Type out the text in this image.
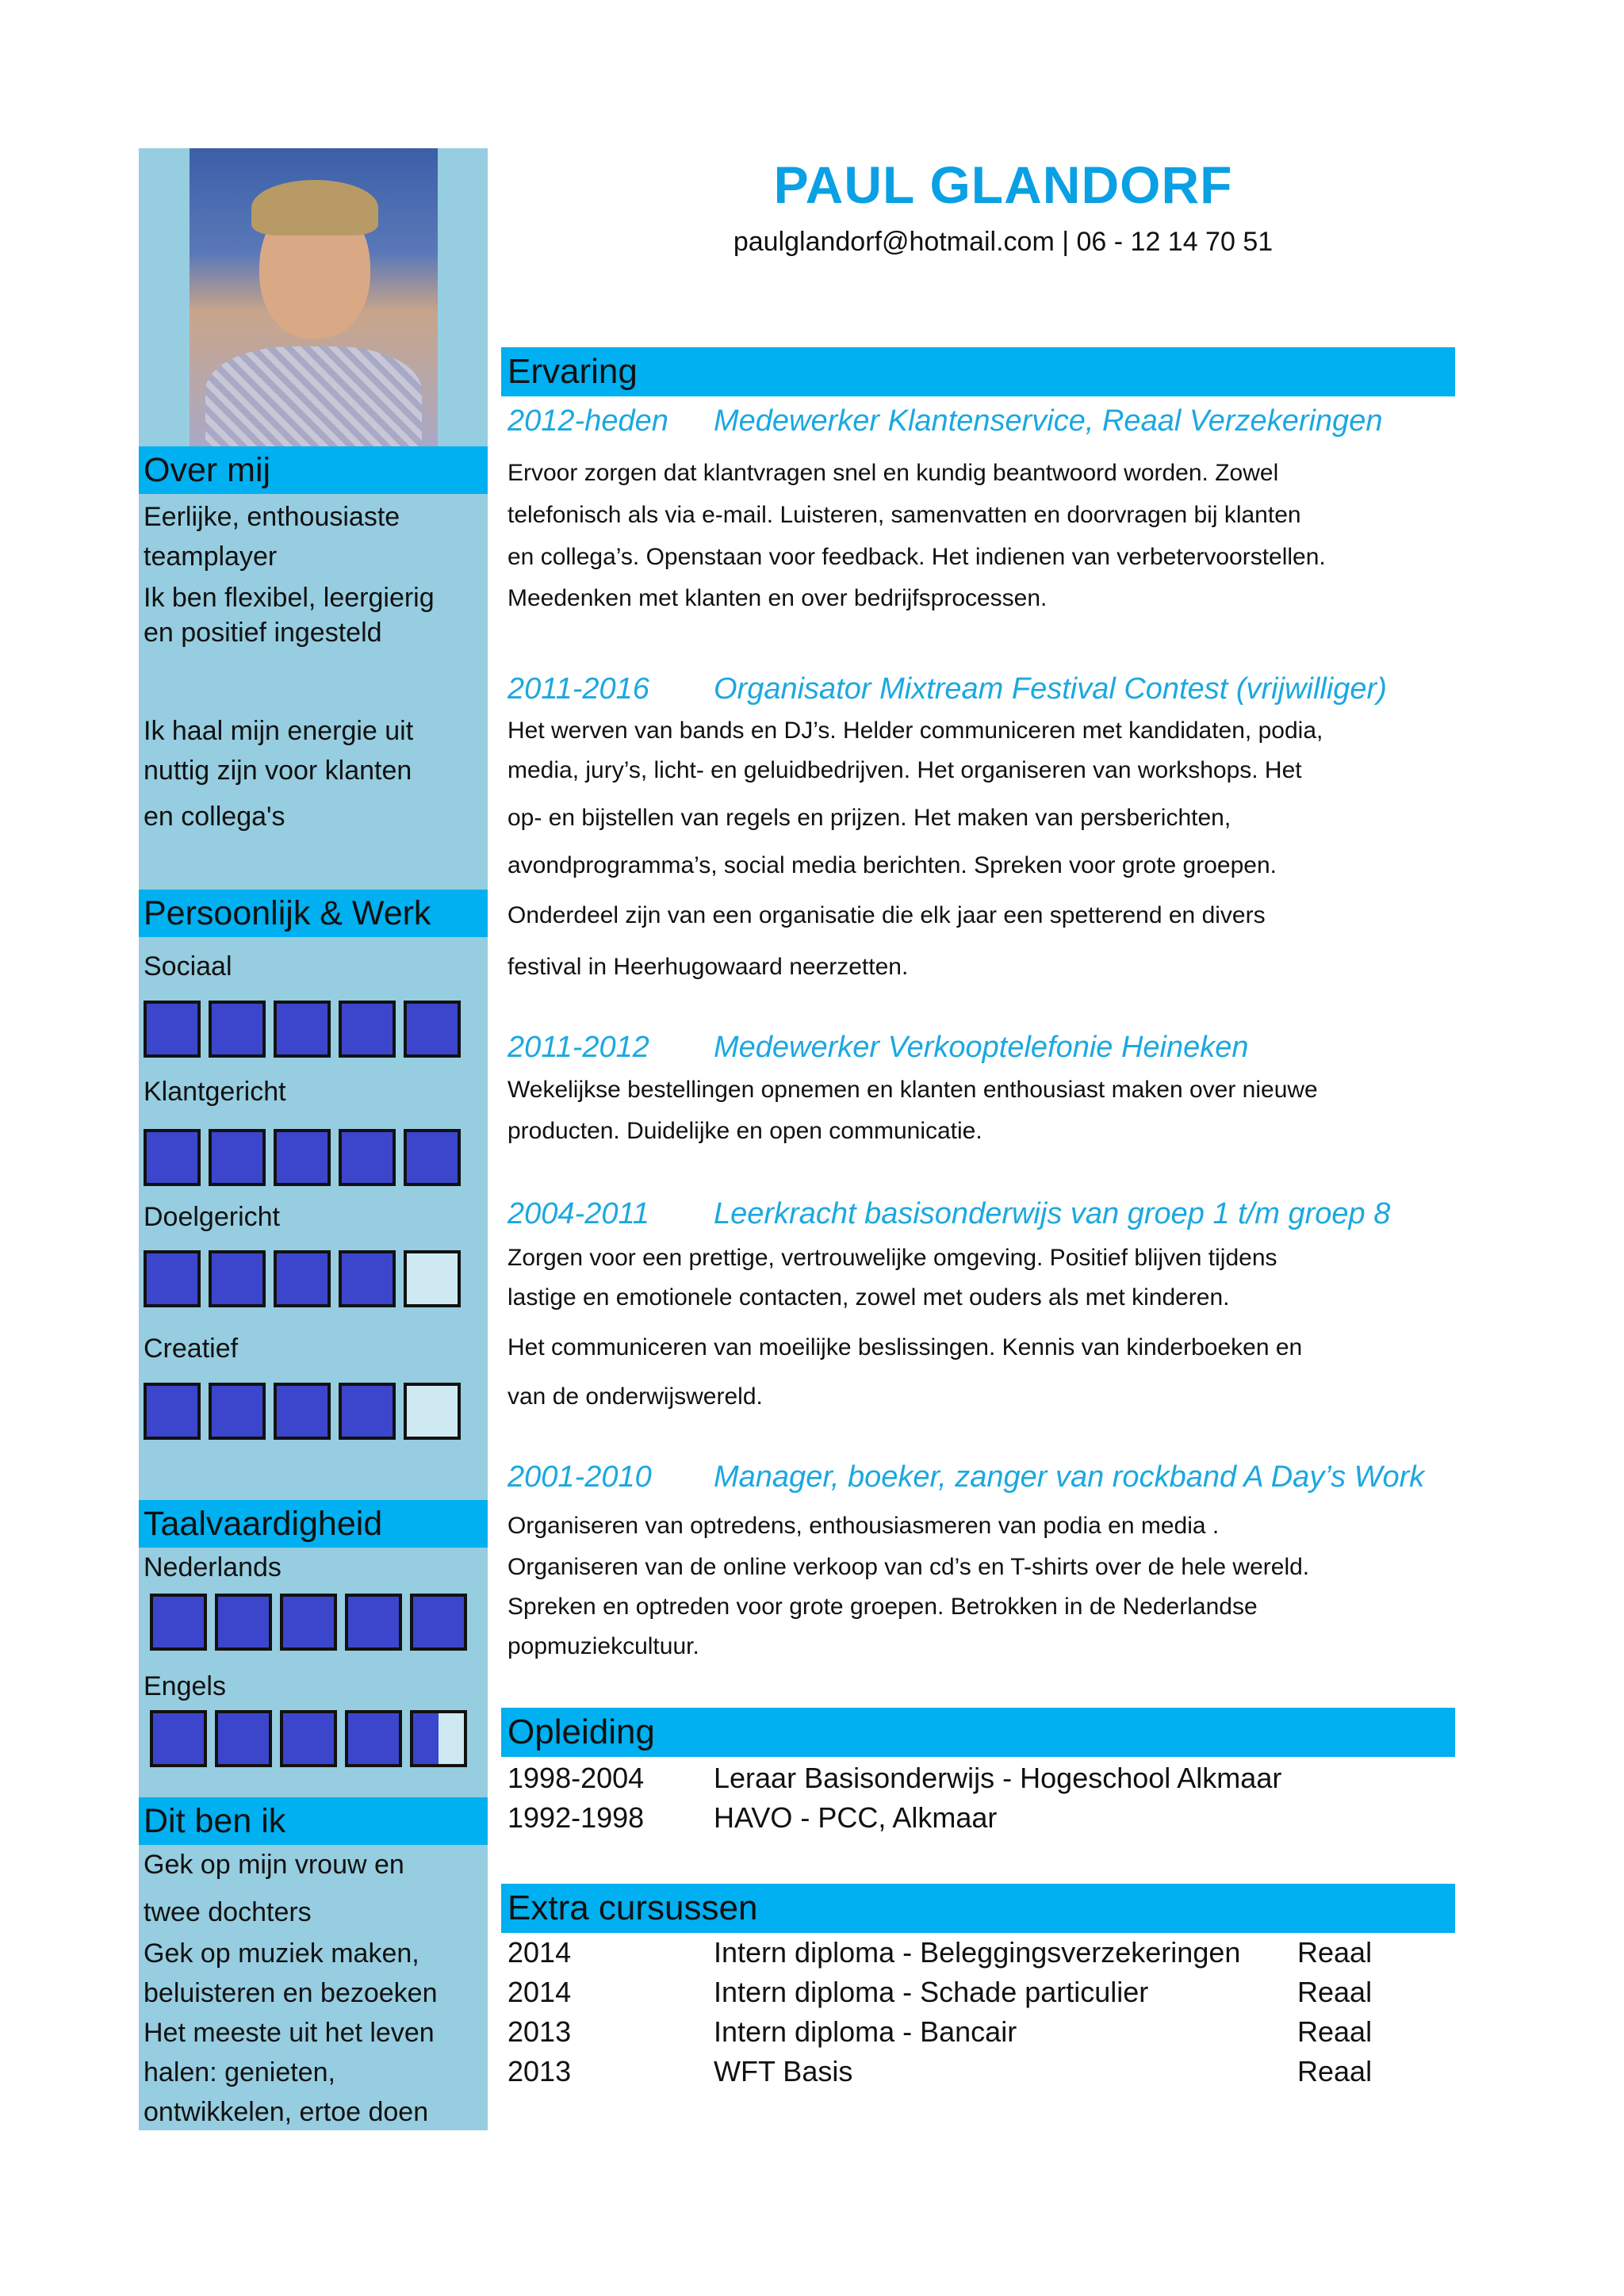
Over mij
Eerlijke, enthousiaste
teamplayer
Ik ben flexibel, leergierig
en positief ingesteld
Ik haal mijn energie uit
nuttig zijn voor klanten
en collega's
Persoonlijk & Werk
Sociaal
Klantgericht
Doelgericht
Creatief
Taalvaardigheid
Nederlands
Engels
Dit ben ik
Gek op mijn vrouw en
twee dochters
Gek op muziek maken,
beluisteren en bezoeken
Het meeste uit het leven
halen: genieten,
ontwikkelen, ertoe doen
PAUL GLANDORF
paulglandorf@hotmail.com | 06 - 12 14 70 51
Ervaring
2012-heden Medewerker Klantenservice, Reaal Verzekeringen
Ervoor zorgen dat klantvragen snel en kundig beantwoord worden. Zowel
telefonisch als via e-mail. Luisteren, samenvatten en doorvragen bij klanten
en collega’s. Openstaan voor feedback. Het indienen van verbetervoorstellen.
Meedenken met klanten en over bedrijfsprocessen.
2011-2016 Organisator Mixtream Festival Contest (vrijwilliger)
Het werven van bands en DJ’s. Helder communiceren met kandidaten, podia,
media, jury’s, licht- en geluidbedrijven. Het organiseren van workshops. Het
op- en bijstellen van regels en prijzen. Het maken van persberichten,
avondprogramma’s, social media berichten. Spreken voor grote groepen.
Onderdeel zijn van een organisatie die elk jaar een spetterend en divers
festival in Heerhugowaard neerzetten.
2011-2012 Medewerker Verkooptelefonie Heineken
Wekelijkse bestellingen opnemen en klanten enthousiast maken over nieuwe
producten. Duidelijke en open communicatie.
2004-2011 Leerkracht basisonderwijs van groep 1 t/m groep 8
Zorgen voor een prettige, vertrouwelijke omgeving. Positief blijven tijdens
lastige en emotionele contacten, zowel met ouders als met kinderen.
Het communiceren van moeilijke beslissingen. Kennis van kinderboeken en
van de onderwijswereld.
2001-2010 Manager, boeker, zanger van rockband A Day’s Work
Organiseren van optredens, enthousiasmeren van podia en media .
Organiseren van de online verkoop van cd’s en T-shirts over de hele wereld.
Spreken en optreden voor grote groepen. Betrokken in de Nederlandse
popmuziekcultuur.
Opleiding
1998-2004 Leraar Basisonderwijs - Hogeschool Alkmaar
1992-1998 HAVO - PCC, Alkmaar
Extra cursussen
2014	Intern diploma - Beleggingsverzekeringen Reaal
2014	Intern diploma - Schade particulier	Reaal
2013	Intern diploma - Bancair	Reaal
2013	WFT Basis	Reaal
